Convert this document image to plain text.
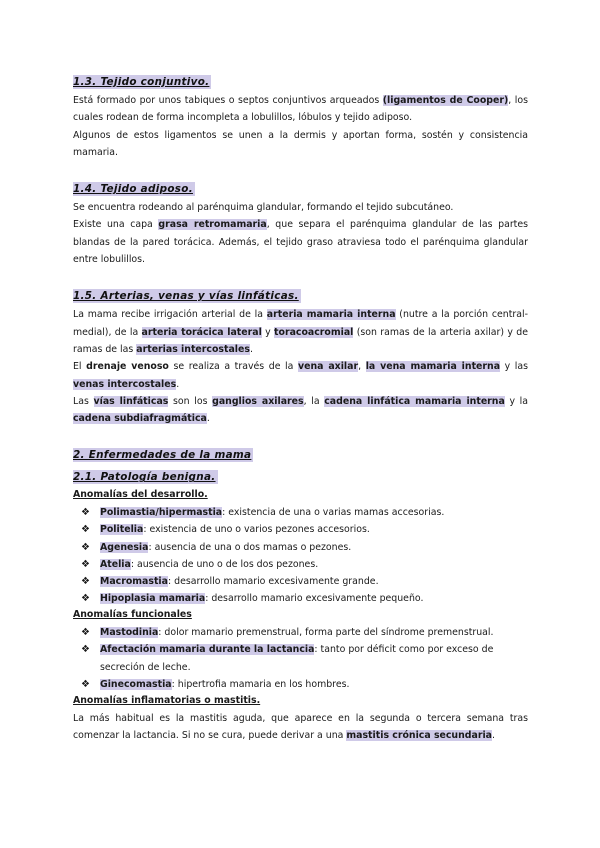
1.3. Tejido conjuntivo.

Está formado por unos tabiques o septos conjuntivos arqueados (ligamentos de Cooper), los cuales rodean de forma incompleta a lobulillos, lóbulos y tejido adiposo.

Algunos de estos ligamentos se unen a la dermis y aportan forma, sostén y consistencia mamaria.

1.4. Tejido adiposo.

Se encuentra rodeando al parénquima glandular, formando el tejido subcutáneo.

Existe una capa grasa retromamaria, que separa el parénquima glandular de las partes blandas de la pared torácica. Además, el tejido graso atraviesa todo el parénquima glandular entre lobulillos.

1.5. Arterias, venas y vías linfáticas.

La mama recibe irrigación arterial de la arteria mamaria interna (nutre a la porción central-medial), de la arteria torácica lateral y toracoacromial (son ramas de la arteria axilar) y de ramas de las arterias intercostales.

El drenaje venoso se realiza a través de la vena axilar, la vena mamaria interna y las venas intercostales.

Las vías linfáticas son los ganglios axilares, la cadena linfática mamaria interna y la cadena subdiafragmática.

2. Enfermedades de la mama
2.1. Patología benigna.
Anomalías del desarrollo.
❖ Polimastia/hipermastia: existencia de una o varias mamas accesorias.
❖ Politelia: existencia de uno o varios pezones accesorios.
❖ Agenesia: ausencia de una o dos mamas o pezones.
❖ Atelia: ausencia de uno o de los dos pezones.
❖ Macromastia: desarrollo mamario excesivamente grande.
❖ Hipoplasia mamaria: desarrollo mamario excesivamente pequeño.
Anomalías funcionales
❖ Mastodinia: dolor mamario premenstrual, forma parte del síndrome premenstrual.
❖ Afectación mamaria durante la lactancia: tanto por déficit como por exceso de secreción de leche.
❖ Ginecomastia: hipertrofia mamaria en los hombres.
Anomalías inflamatorias o mastitis.

La más habitual es la mastitis aguda, que aparece en la segunda o tercera semana tras comenzar la lactancia. Si no se cura, puede derivar a una mastitis crónica secundaria.
